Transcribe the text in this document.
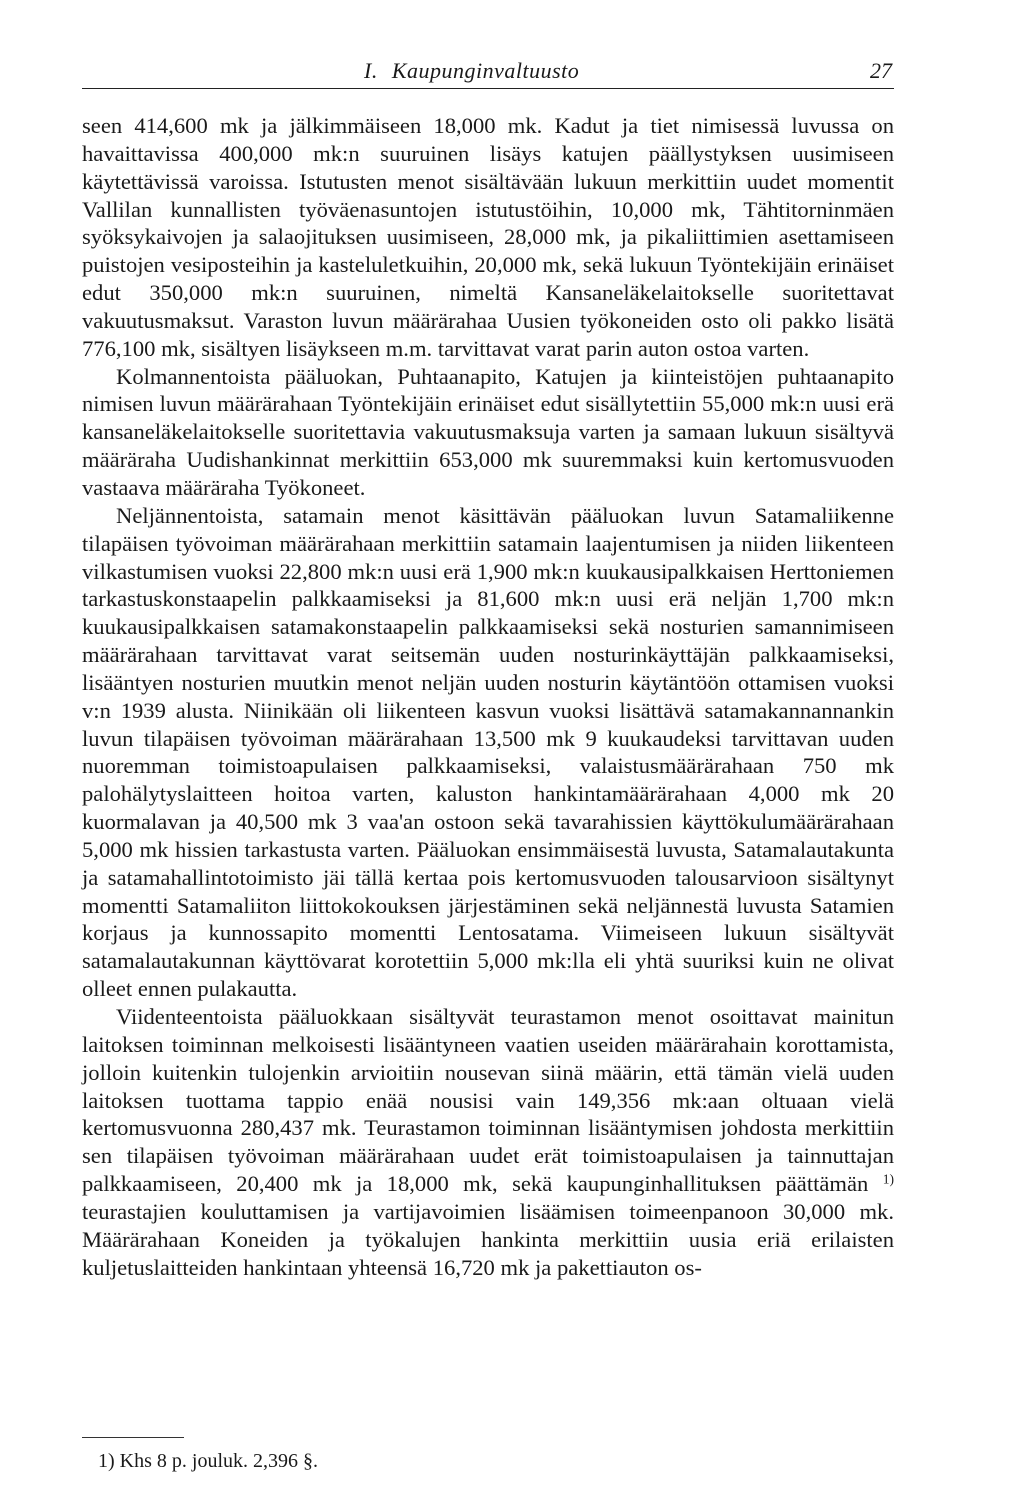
I. Kaupunginvaltuusto	27

seen 414,600 mk ja jälkimmäiseen 18,000 mk. Kadut ja tiet nimisessä luvussa on havaittavissa 400,000 mk:n suuruinen lisäys katujen päällystyksen uusimiseen käytettävissä varoissa. Istutusten menot sisältävään lukuun merkittiin uudet momentit Vallilan kunnallisten työväenasuntojen istutustöihin, 10,000 mk, Tähtitorninmäen syöksykaivojen ja salaojituksen uusimiseen, 28,000 mk, ja pikaliittimien asettamiseen puistojen vesiposteihin ja kasteluletkuihin, 20,000 mk, sekä lukuun Työntekijäin erinäiset edut 350,000 mk:n suuruinen, nimeltä Kansaneläkelaitokselle suoritettavat vakuutusmaksut. Varaston luvun määrärahaa Uusien työkoneiden osto oli pakko lisätä 776,100 mk, sisältyen lisäykseen m.m. tarvittavat varat parin auton ostoa varten.

Kolmannentoista pääluokan, Puhtaanapito, Katujen ja kiinteistöjen puhtaanapito nimisen luvun määrärahaan Työntekijäin erinäiset edut sisällytettiin 55,000 mk:n uusi erä kansaneläkelaitokselle suoritettavia vakuutusmaksuja varten ja samaan lukuun sisältyvä määräraha Uudishankinnat merkittiin 653,000 mk suuremmaksi kuin kertomusvuoden vastaava määräraha Työkoneet.

Neljännentoista, satamain menot käsittävän pääluokan luvun Satamaliikenne tilapäisen työvoiman määrärahaan merkittiin satamain laajentumisen ja niiden liikenteen vilkastumisen vuoksi 22,800 mk:n uusi erä 1,900 mk:n kuukausipalkkaisen Herttoniemen tarkastuskonstaapelin palkkaamiseksi ja 81,600 mk:n uusi erä neljän 1,700 mk:n kuukausipalkkaisen satamakonstaapelin palkkaamiseksi sekä nosturien samannimiseen määrärahaan tarvittavat varat seitsemän uuden nosturinkäyttäjän palkkaamiseksi, lisääntyen nosturien muutkin menot neljän uuden nosturin käytäntöön ottamisen vuoksi v:n 1939 alusta. Niinikään oli liikenteen kasvun vuoksi lisättävä satamakannannankin luvun tilapäisen työvoiman määrärahaan 13,500 mk 9 kuukaudeksi tarvittavan uuden nuoremman toimistoapulaisen palkkaamiseksi, valaistusmäärärahaan 750 mk palohälytyslaitteen hoitoa varten, kaluston hankintamäärärahaan 4,000 mk 20 kuormalavan ja 40,500 mk 3 vaa'an ostoon sekä tavarahissien käyttökulumäärärahaan 5,000 mk hissien tarkastusta varten. Pääluokan ensimmäisestä luvusta, Satamalautakunta ja satamahallintotoimisto jäi tällä kertaa pois kertomusvuoden talousarvioon sisältynyt momentti Satamaliiton liittokokouksen järjestäminen sekä neljännestä luvusta Satamien korjaus ja kunnossapito momentti Lentosatama. Viimeiseen lukuun sisältyvät satamalautakunnan käyttövarat korotettiin 5,000 mk:lla eli yhtä suuriksi kuin ne olivat olleet ennen pulakautta.

Viidenteentoista pääluokkaan sisältyvät teurastamon menot osoittavat mainitun laitoksen toiminnan melkoisesti lisääntyneen vaatien useiden määrärahain korottamista, jolloin kuitenkin tulojenkin arvioitiin nousevan siinä määrin, että tämän vielä uuden laitoksen tuottama tappio enää nousisi vain 149,356 mk:aan oltuaan vielä kertomusvuonna 280,437 mk. Teurastamon toiminnan lisääntymisen johdosta merkittiin sen tilapäisen työvoiman määrärahaan uudet erät toimistoapulaisen ja tainnuttajan palkkaamiseen, 20,400 mk ja 18,000 mk, sekä kaupunginhallituksen päättämän $^{1)}$ teurastajien kouluttamisen ja vartijavoimien lisäämisen toimeenpanoon 30,000 mk. Määrärahaan Koneiden ja työkalujen hankinta merkittiin uusia eriä erilaisten kuljetuslaitteiden hankintaan yhteensä 16,720 mk ja pakettiauton os-

1) Khs 8 p. jouluk. 2,396 §.
